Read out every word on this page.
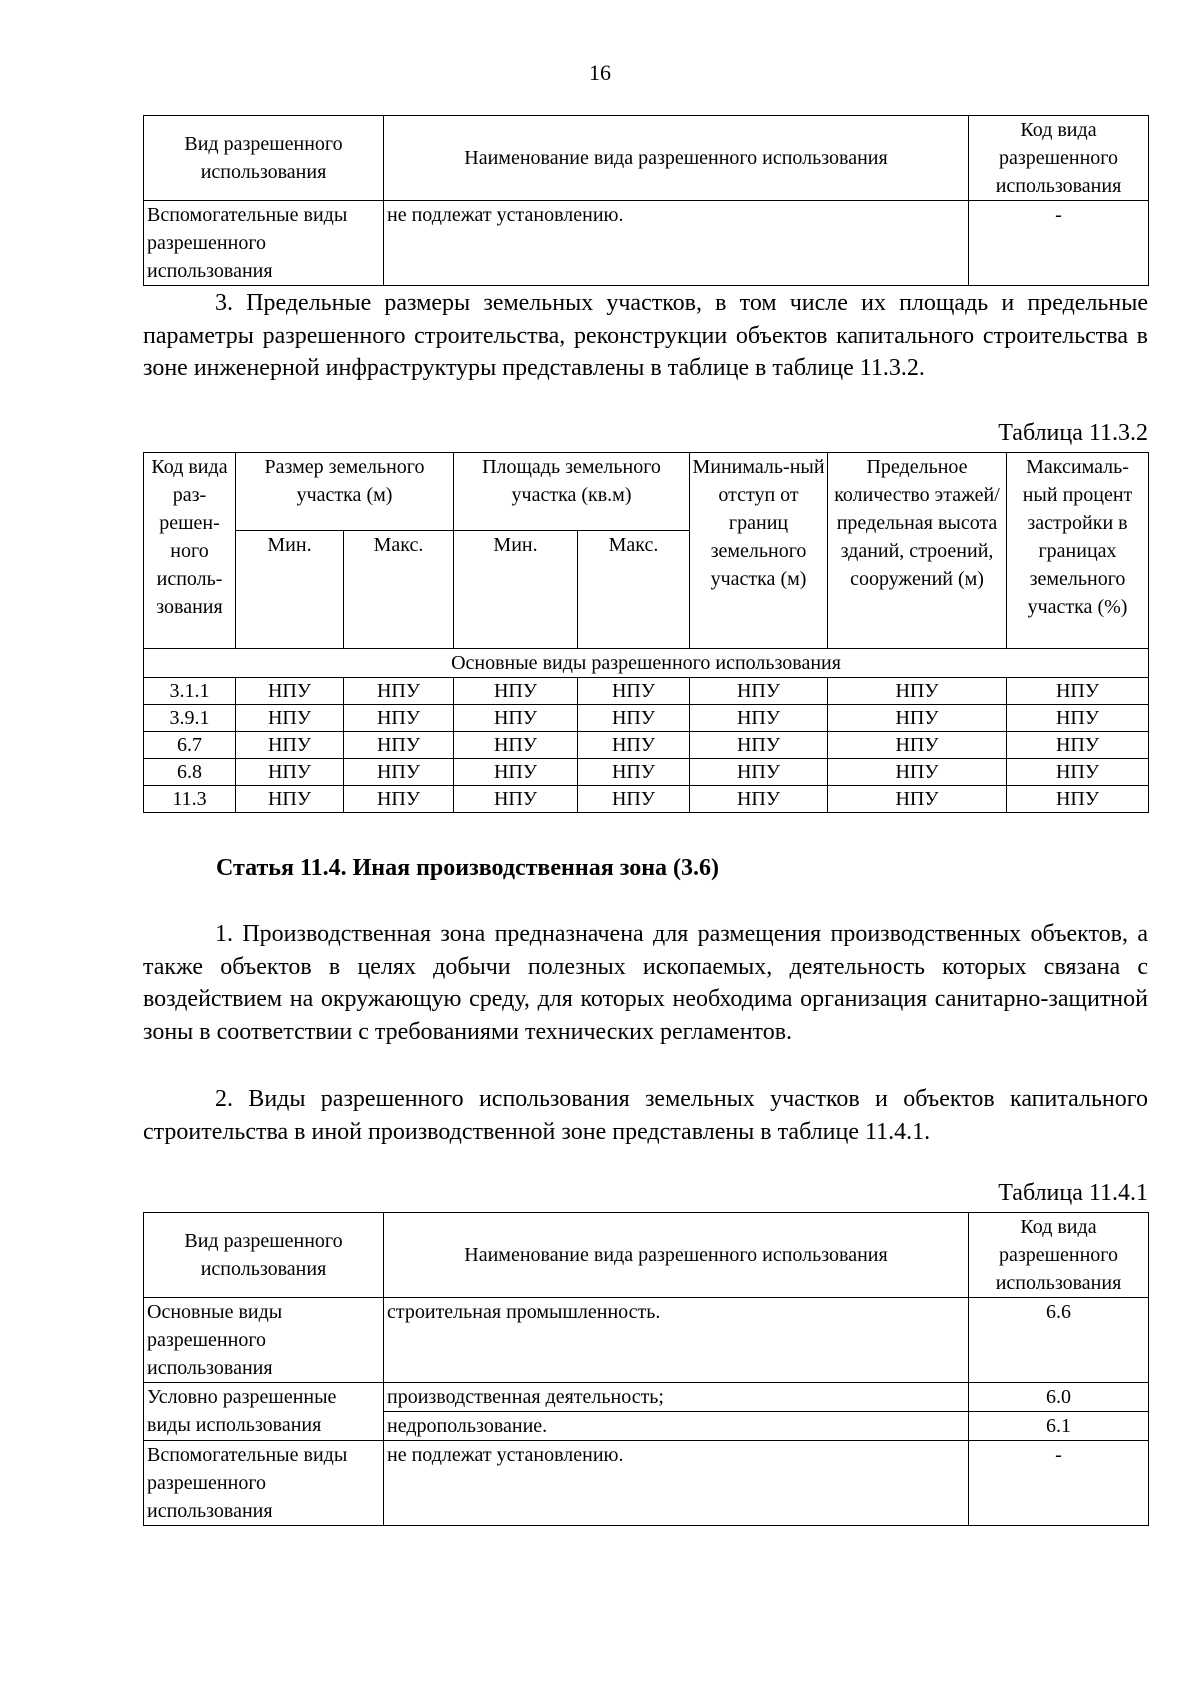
16
Вид разрешенного использования	Наименование вида разрешенного использования	Код вида разрешенного использования
Вспомогательные виды разрешенного использования	не подлежат установлению.	-

3. Предельные размеры земельных участков, в том числе их площадь и предельные параметры разрешенного строительства, реконструкции объектов капитального строительства в зоне инженерной инфраструктуры представлены в таблице в таблице 11.3.2.

Таблица 11.3.2
Код вида раз-решен-ного исполь-зования	Размер земельного участка (м)		Площадь земельного участка (кв.м)		Минималь-ный отступ от границ земельного участка (м)	Предельное количество этажей/ предельная высота зданий, строений, сооружений (м)	Максималь-ный процент застройки в границах земельного участка (%)
	Мин.	Макс.	Мин.	Макс.			
Основные виды разрешенного использования							
3.1.1	НПУ	НПУ	НПУ	НПУ	НПУ	НПУ	НПУ
3.9.1	НПУ	НПУ	НПУ	НПУ	НПУ	НПУ	НПУ
6.7	НПУ	НПУ	НПУ	НПУ	НПУ	НПУ	НПУ
6.8	НПУ	НПУ	НПУ	НПУ	НПУ	НПУ	НПУ
11.3	НПУ	НПУ	НПУ	НПУ	НПУ	НПУ	НПУ
Статья 11.4. Иная производственная зона (3.6)

1. Производственная зона предназначена для размещения производственных объектов, а также объектов в целях добычи полезных ископаемых, деятельность которых связана с воздействием на окружающую среду, для которых необходима организация санитарно-защитной зоны в соответствии с требованиями технических регламентов.

2. Виды разрешенного использования земельных участков и объектов капитального строительства в иной производственной зоне представлены в таблице 11.4.1.

Таблица 11.4.1
Вид разрешенного использования	Наименование вида разрешенного использования	Код вида разрешенного использования
Основные виды разрешенного использования	строительная промышленность.	6.6
Условно разрешенные виды использования	производственная деятельность;	6.0
	недропользование.	6.1
Вспомогательные виды разрешенного использования	не подлежат установлению.	-
